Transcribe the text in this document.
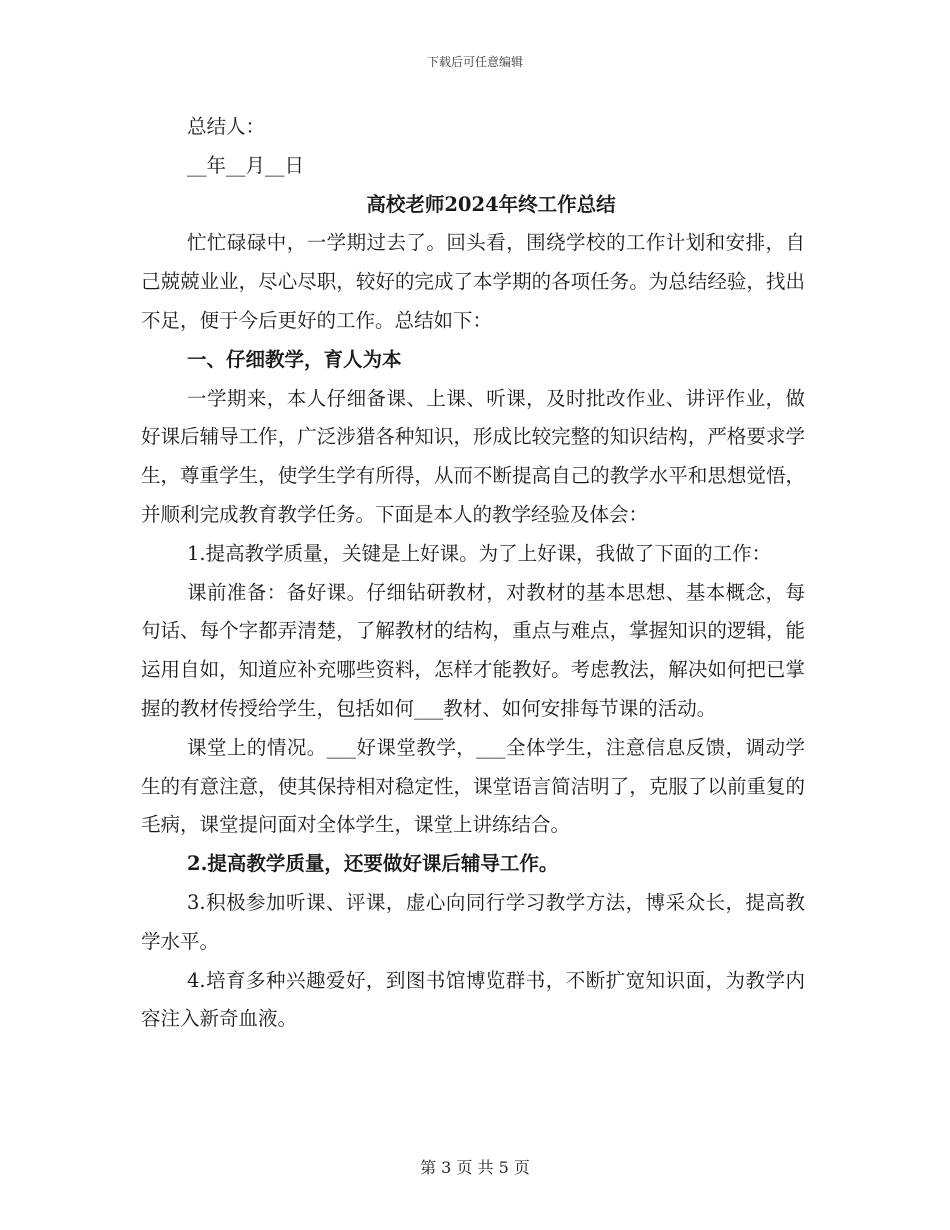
下载后可任意编辑
总结人：
__年__月__日
高校老师2024年终工作总结

忙忙碌碌中，一学期过去了。回头看，围绕学校的工作计划和安排，自己兢兢业业，尽心尽职，较好的完成了本学期的各项任务。为总结经验，找出不足，便于今后更好的工作。总结如下：

一、仔细教学，育人为本

一学期来，本人仔细备课、上课、听课，及时批改作业、讲评作业，做好课后辅导工作，广泛涉猎各种知识，形成比较完整的知识结构，严格要求学生，尊重学生，使学生学有所得，从而不断提高自己的教学水平和思想觉悟，并顺利完成教育教学任务。下面是本人的教学经验及体会：

1.提高教学质量，关键是上好课。为了上好课，我做了下面的工作：

课前准备：备好课。仔细钻研教材，对教材的基本思想、基本概念，每句话、每个字都弄清楚，了解教材的结构，重点与难点，掌握知识的逻辑，能运用自如，知道应补充哪些资料，怎样才能教好。考虑教法，解决如何把已掌握的教材传授给学生，包括如何___教材、如何安排每节课的活动。

课堂上的情况。___好课堂教学，___全体学生，注意信息反馈，调动学生的有意注意，使其保持相对稳定性，课堂语言简洁明了，克服了以前重复的毛病，课堂提问面对全体学生，课堂上讲练结合。

2.提高教学质量，还要做好课后辅导工作。

3.积极参加听课、评课，虚心向同行学习教学方法，博采众长，提高教学水平。

4.培育多种兴趣爱好，到图书馆博览群书，不断扩宽知识面，为教学内容注入新奇血液。

第 3 页 共 5 页
